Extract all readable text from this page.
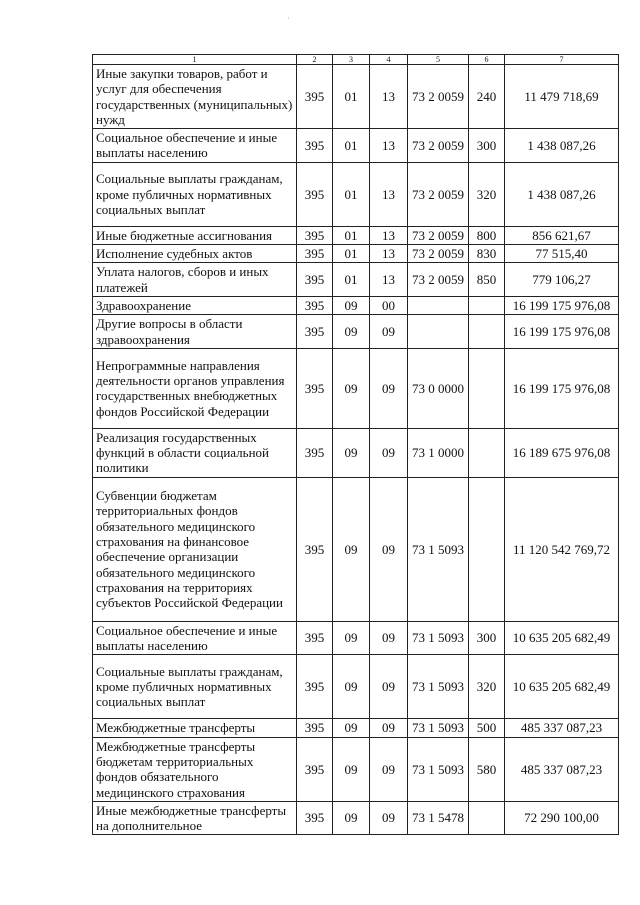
·
1	2	3	4	5	6	7
Иные закупки товаров, работ и услуг для обеспечения государственных (муниципальных) нужд	395	01	13	73 2 0059	240	11 479 718,69
Социальное обеспечение и иные выплаты населению	395	01	13	73 2 0059	300	1 438 087,26
Социальные выплаты гражданам, кроме публичных нормативных социальных выплат	395	01	13	73 2 0059	320	1 438 087,26
Иные бюджетные ассигнования	395	01	13	73 2 0059	800	856 621,67
Исполнение судебных актов	395	01	13	73 2 0059	830	77 515,40
Уплата налогов, сборов и иных платежей	395	01	13	73 2 0059	850	779 106,27
Здравоохранение	395	09	00			16 199 175 976,08
Другие вопросы в области здравоохранения	395	09	09			16 199 175 976,08
Непрограммные направления деятельности органов управления государственных внебюджетных фондов Российской Федерации	395	09	09	73 0 0000		16 199 175 976,08
Реализация государственных функций в области социальной политики	395	09	09	73 1 0000		16 189 675 976,08
Субвенции бюджетам территориальных фондов обязательного медицинского страхования на финансовое обеспечение организации обязательного медицинского страхования на территориях субъектов Российской Федерации	395	09	09	73 1 5093		11 120 542 769,72
Социальное обеспечение и иные выплаты населению	395	09	09	73 1 5093	300	10 635 205 682,49
Социальные выплаты гражданам, кроме публичных нормативных социальных выплат	395	09	09	73 1 5093	320	10 635 205 682,49
Межбюджетные трансферты	395	09	09	73 1 5093	500	485 337 087,23
Межбюджетные трансферты бюджетам территориальных фондов обязательного медицинского страхования	395	09	09	73 1 5093	580	485 337 087,23
Иные межбюджетные трансферты на дополнительное	395	09	09	73 1 5478		72 290 100,00
